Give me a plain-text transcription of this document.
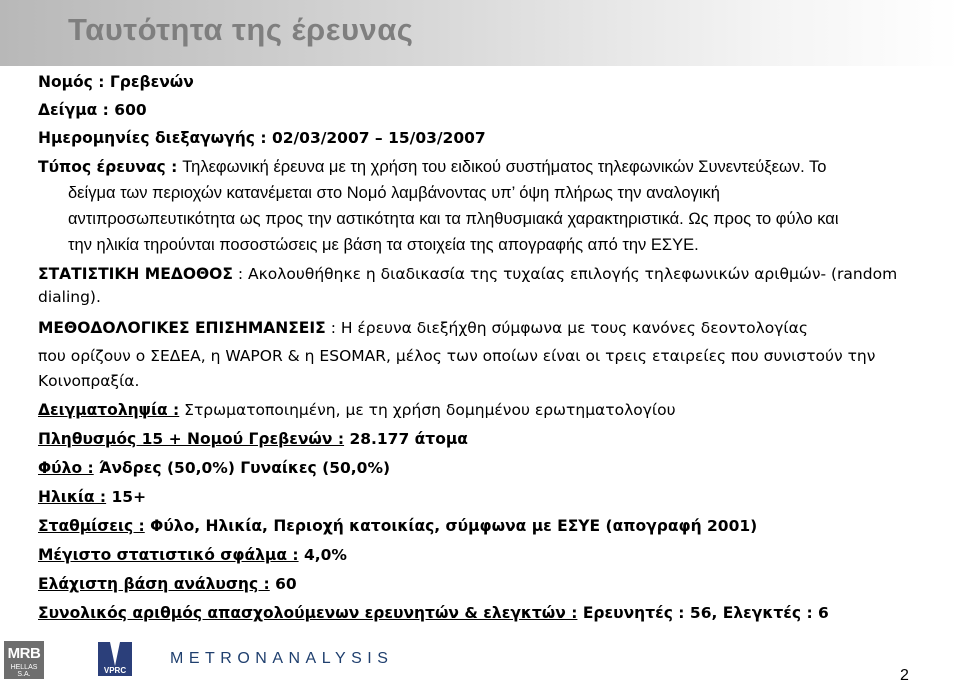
Ταυτότητα της έρευνας
Νομός : Γρεβενών
Δείγμα : 600
Ημερομηνίες διεξαγωγής : 02/03/2007 – 15/03/2007
Τύπος έρευνας : Τηλεφωνική έρευνα με τη χρήση του ειδικού συστήματος τηλεφωνικών Συνεντεύξεων. Το
δείγμα των περιοχών κατανέμεται στο Νομό λαμβάνοντας υπ’ όψη πλήρως την αναλογική
αντιπροσωπευτικότητα ως προς την αστικότητα και τα πληθυσμιακά χαρακτηριστικά. Ως προς το φύλο και
την ηλικία τηρούνται ποσοστώσεις με βάση τα στοιχεία της απογραφής από την ΕΣΥΕ.
ΣΤΑΤΙΣΤΙΚΗ ΜΕΔΟΘΟΣ : Ακολουθήθηκε η διαδικασία της τυχαίας επιλογής τηλεφωνικών αριθμών- (random
dialing).
ΜΕΘΟΔΟΛΟΓΙΚΕΣ ΕΠΙΣΗΜΑΝΣΕΙΣ : Η έρευνα διεξήχθη σύμφωνα με τους κανόνες δεοντολογίας
που ορίζουν ο ΣΕΔΕΑ, η WAPOR & η ESOMAR, μέλος των οποίων είναι οι τρεις εταιρείες που συνιστούν την
Κοινοπραξία.
Δειγματοληψία : Στρωματοποιημένη, με τη χρήση δομημένου ερωτηματολογίου
Πληθυσμός 15 + Νομού Γρεβενών : 28.177 άτομα
Φύλο : Άνδρες (50,0%) Γυναίκες (50,0%)
Ηλικία : 15+
Σταθμίσεις : Φύλο, Ηλικία, Περιοχή κατοικίας, σύμφωνα με ΕΣΥΕ (απογραφή 2001)
Μέγιστο στατιστικό σφάλμα : 4,0%
Ελάχιστη βάση ανάλυσης : 60
Συνολικός αριθμός απασχολούμενων ερευνητών & ελεγκτών : Ερευνητές : 56, Ελεγκτές : 6
MRB
HELLAS S.A.	VPRC
METRONANALYSIS
2
